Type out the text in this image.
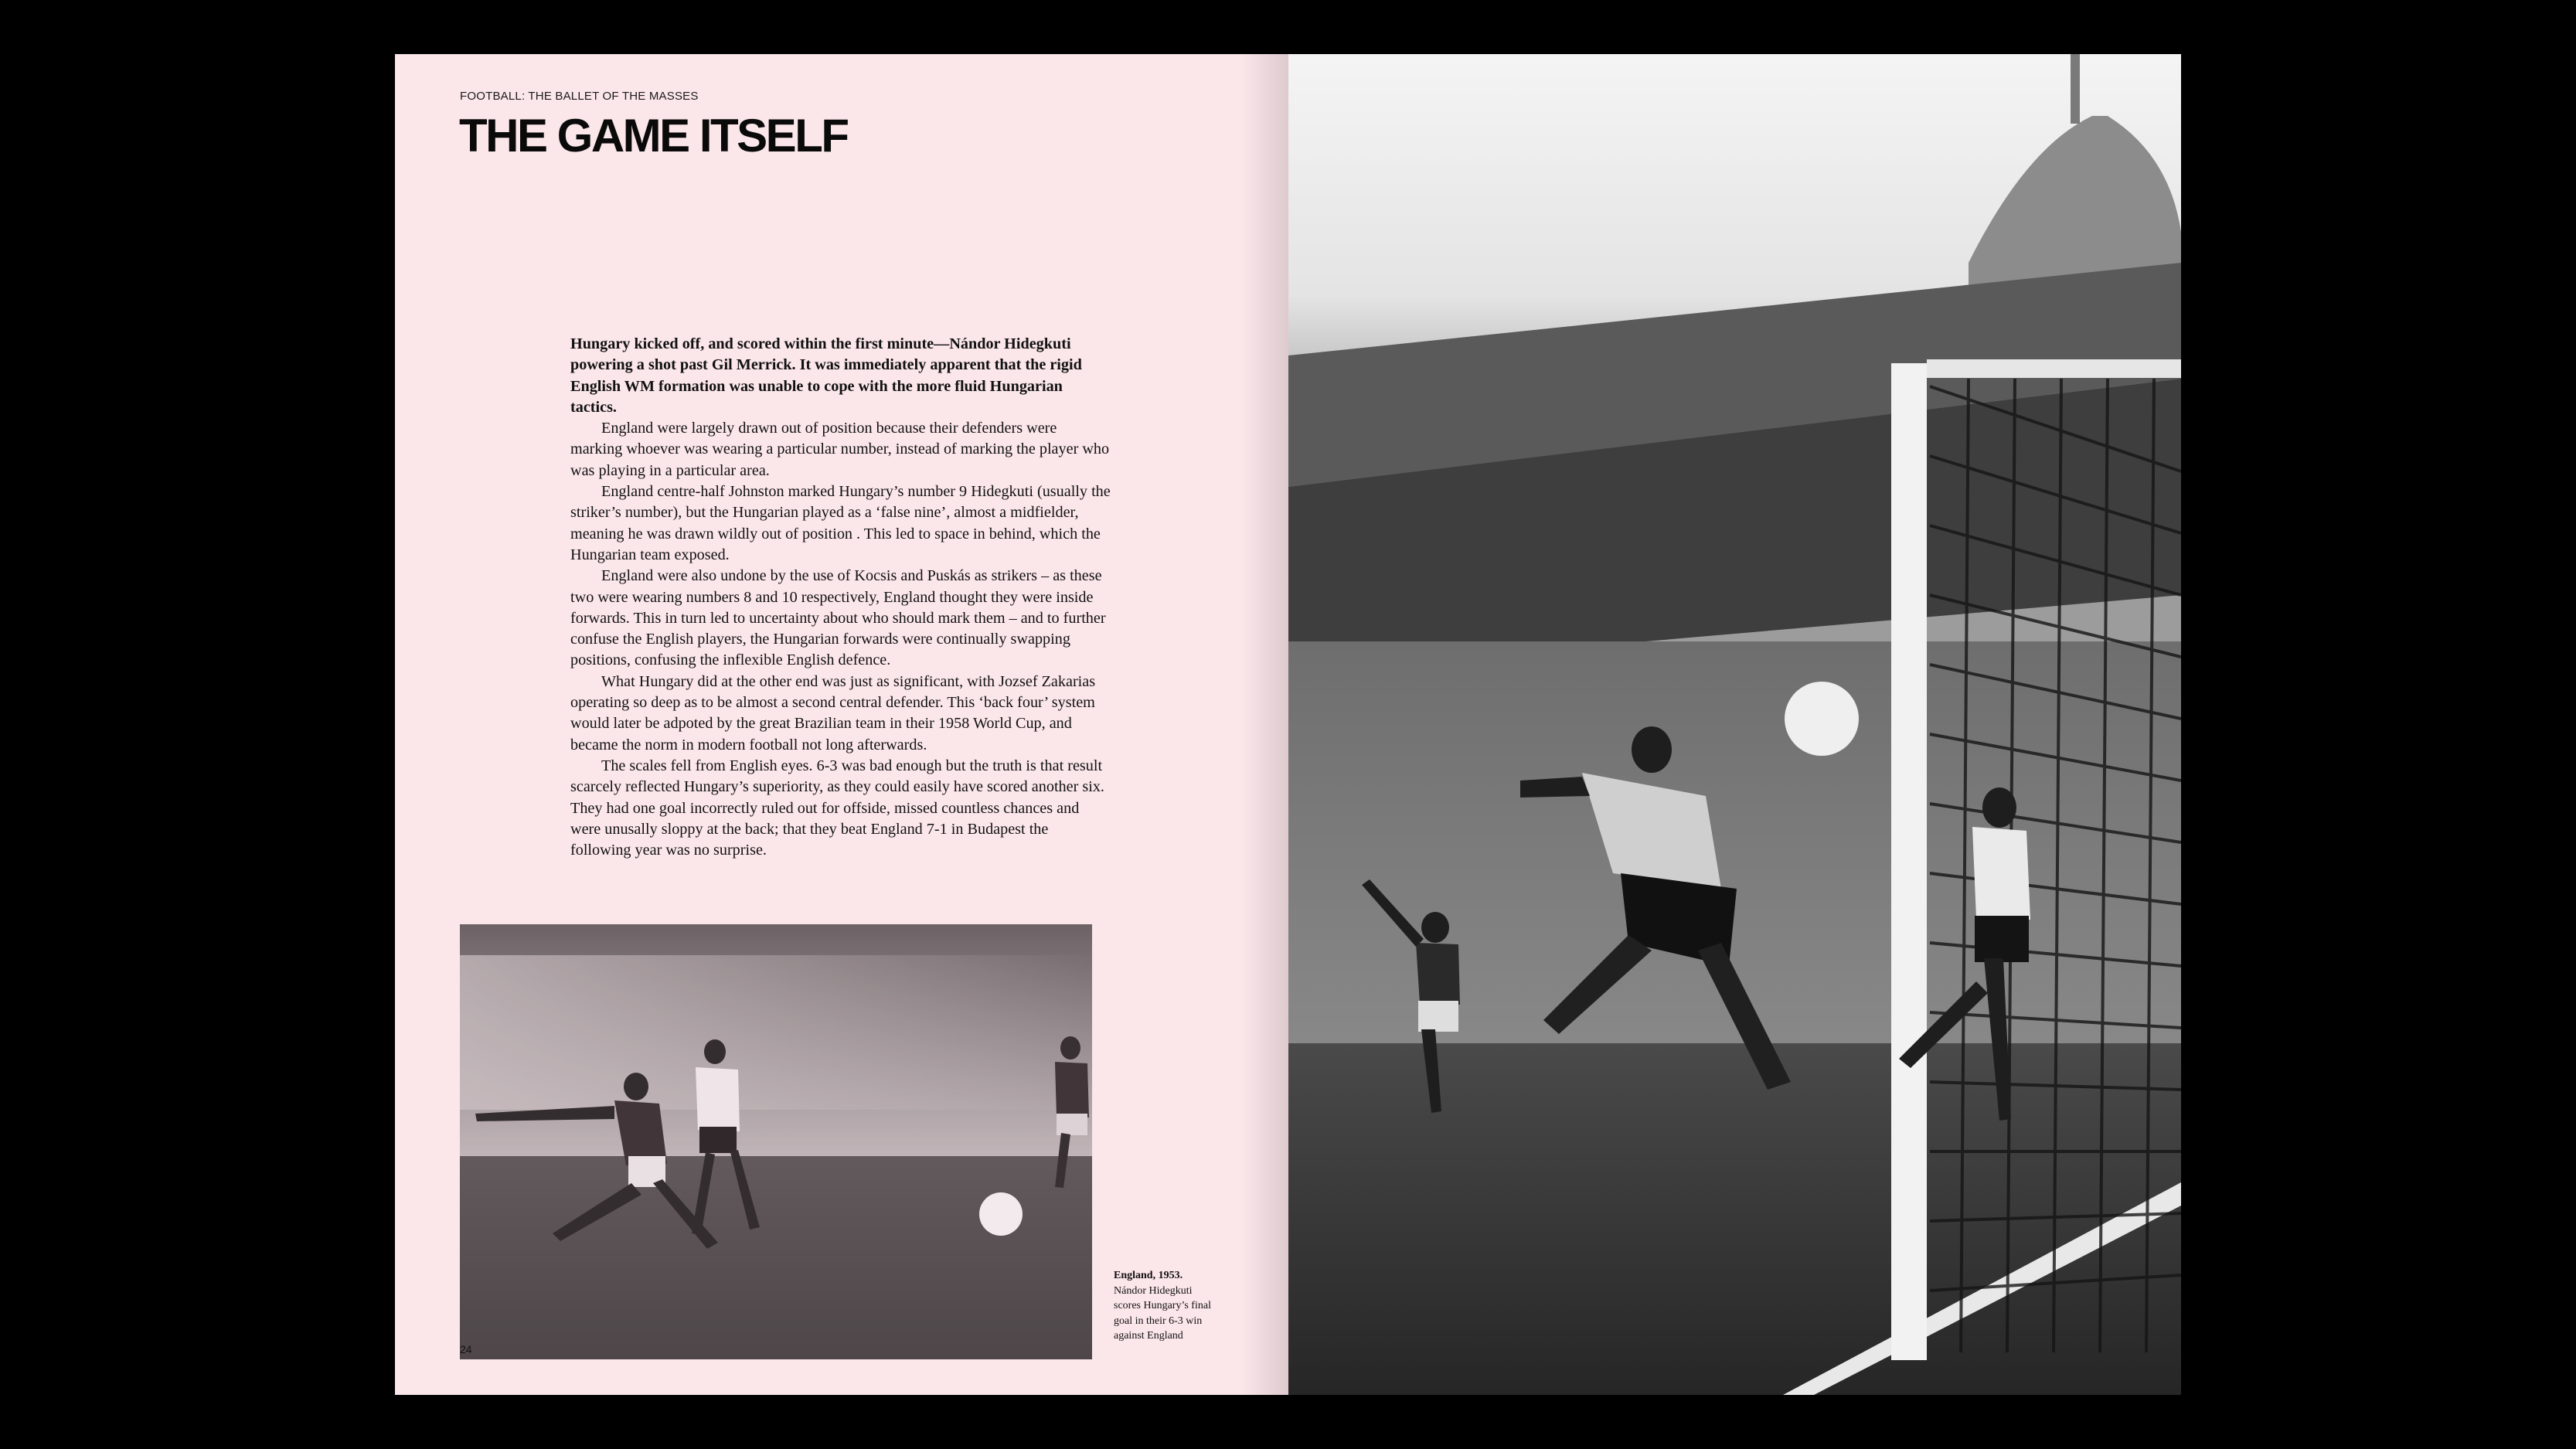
FOOTBALL: THE BALLET OF THE MASSES
THE GAME ITSELF

Hungary kicked off, and scored within the first minute—Nándor Hidegkuti powering a shot past Gil Merrick. It was immediately apparent that the rigid English WM formation was unable to cope with the more fluid Hungarian tactics.

England were largely drawn out of position because their defenders were marking whoever was wearing a particular number, instead of marking the player who was playing in a particular area.

England centre-half Johnston marked Hungary’s number 9 Hidegkuti (usually the striker’s number), but the Hungarian played as a ‘false nine’, almost a midfielder, meaning he was drawn wildly out of position . This led to space in behind, which the Hungarian team exposed.

England were also undone by the use of Kocsis and Puskás as strikers – as these two were wearing numbers 8 and 10 respectively, England thought they were inside forwards. This in turn led to uncertainty about who should mark them – and to further confuse the English players, the Hungarian forwards were continually swapping positions, confusing the inflexible English defence.

What Hungary did at the other end was just as significant, with Jozsef Zakarias operating so deep as to be almost a second central defender. This ‘back four’ system would later be adpoted by the great Brazilian team in their 1958 World Cup, and became the norm in modern football not long afterwards.

The scales fell from English eyes. 6-3 was bad enough but the truth is that result scarcely reflected Hungary’s superiority, as they could easily have scored another six. They had one goal incorrectly ruled out for offside, missed countless chances and were unusally sloppy at the back; that they beat England 7-1 in Budapest the following year was no surprise.

England, 1953.
Nándor Hidegkuti scores Hungary’s final goal in their 6-3 win against England
24
